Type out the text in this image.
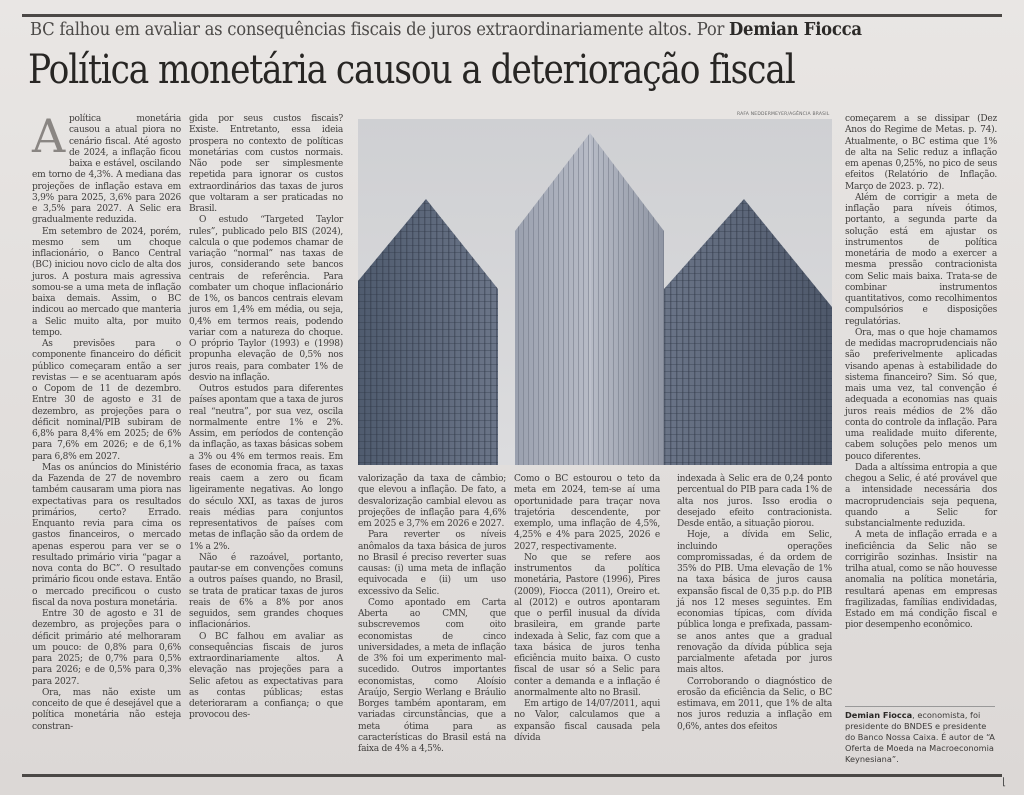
BC falhou em avaliar as consequências fiscais de juros extraordinariamente altos. Por Demian Fiocca
Política monetária causou a deterioração fiscal
A política monetária causou a atual piora no cenário fiscal. Até agosto de 2024, a inflação ficou baixa e estável, oscilando em torno de 4,3%. A mediana das projeções de inflação estava em 3,9% para 2025, 3,6% para 2026 e 3,5% para 2027. A Selic era gradualmente reduzida.

Em setembro de 2024, porém, mesmo sem um choque inflacionário, o Banco Central (BC) iniciou novo ciclo de alta dos juros. A postura mais agressiva somou-se a uma meta de inflação baixa demais. Assim, o BC indicou ao mercado que manteria a Selic muito alta, por muito tempo.

As previsões para o componente financeiro do déficit público começaram então a ser revistas — e se acentuaram após o Copom de 11 de dezembro. Entre 30 de agosto e 31 de dezembro, as projeções para o déficit nominal/PIB subiram de 6,8% para 8,4% em 2025; de 6% para 7,6% em 2026; e de 6,1% para 6,8% em 2027.

Mas os anúncios do Ministério da Fazenda de 27 de novembro também causaram uma piora nas expectativas para os resultados primários, certo? Errado. Enquanto revia para cima os gastos financeiros, o mercado apenas esperou para ver se o resultado primário viria “pagar a nova conta do BC”. O resultado primário ficou onde estava. Então o mercado precificou o custo fiscal da nova postura monetária.

Entre 30 de agosto e 31 de dezembro, as projeções para o déficit primário até melhoraram um pouco: de 0,8% para 0,6% para 2025; de 0,7% para 0,5% para 2026; e de 0,5% para 0,3% para 2027.

Ora, mas não existe um conceito de que é desejável que a política monetária não esteja constran-

gida por seus custos fiscais? Existe. Entretanto, essa ideia prospera no contexto de políticas monetárias com custos normais. Não pode ser simplesmente repetida para ignorar os custos extraordinários das taxas de juros que voltaram a ser praticadas no Brasil.

O estudo “Targeted Taylor rules”, publicado pelo BIS (2024), calcula o que podemos chamar de variação “normal” nas taxas de juros, considerando sete bancos centrais de referência. Para combater um choque inflacionário de 1%, os bancos centrais elevam juros em 1,4% em média, ou seja, 0,4% em termos reais, podendo variar com a natureza do choque. O próprio Taylor (1993) e (1998) propunha elevação de 0,5% nos juros reais, para combater 1% de desvio na inflação.

Outros estudos para diferentes países apontam que a taxa de juros real “neutra”, por sua vez, oscila normalmente entre 1% e 2%. Assim, em períodos de contenção da inflação, as taxas básicas sobem a 3% ou 4% em termos reais. Em fases de economia fraca, as taxas reais caem a zero ou ficam ligeiramente negativas. Ao longo do século XXI, as taxas de juros reais médias para conjuntos representativos de países com metas de inflação são da ordem de 1% a 2%.

Não é razoável, portanto, pautar-se em convenções comuns a outros países quando, no Brasil, se trata de praticar taxas de juros reais de 6% a 8% por anos seguidos, sem grandes choques inflacionários.

O BC falhou em avaliar as consequências fiscais de juros extraordinariamente altos. A elevação nas projeções para a Selic afetou as expectativas para as contas públicas; estas deterioraram a confiança; o que provocou des-

RAFA NEDDERMEYER/AGÊNCIA BRASIL

valorização da taxa de câmbio; que elevou a inflação. De fato, a desvalorização cambial elevou as projeções de inflação para 4,6% em 2025 e 3,7% em 2026 e 2027.

Para reverter os níveis anômalos da taxa básica de juros no Brasil é preciso reverter suas causas: (i) uma meta de inflação equivocada e (ii) um uso excessivo da Selic.

Como apontado em Carta Aberta ao CMN, que subscrevemos com oito economistas de cinco universidades, a meta de inflação de 3% foi um experimento mal-sucedido. Outros importantes economistas, como Aloísio Araújo, Sergio Werlang e Bráulio Borges também apontaram, em variadas circunstâncias, que a meta ótima para as características do Brasil está na faixa de 4% a 4,5%.

Como o BC estourou o teto da meta em 2024, tem-se aí uma oportunidade para traçar nova trajetória descendente, por exemplo, uma inflação de 4,5%, 4,25% e 4% para 2025, 2026 e 2027, respectivamente.

No que se refere aos instrumentos da política monetária, Pastore (1996), Pires (2009), Fiocca (2011), Oreiro et. al (2012) e outros apontaram que o perfil inusual da dívida brasileira, em grande parte indexada à Selic, faz com que a taxa básica de juros tenha eficiência muito baixa. O custo fiscal de usar só a Selic para conter a demanda e a inflação é anormalmente alto no Brasil.

Em artigo de 14/07/2011, aqui no Valor, calculamos que a expansão fiscal causada pela dívida

indexada à Selic era de 0,24 ponto percentual do PIB para cada 1% de alta nos juros. Isso erodia o desejado efeito contracionista. Desde então, a situação piorou.

Hoje, a dívida em Selic, incluindo operações compromissadas, é da ordem de 35% do PIB. Uma elevação de 1% na taxa básica de juros causa expansão fiscal de 0,35 p.p. do PIB já nos 12 meses seguintes. Em economias típicas, com dívida pública longa e prefixada, passam-se anos antes que a gradual renovação da dívida pública seja parcialmente afetada por juros mais altos.

Corroborando o diagnóstico de erosão da eficiência da Selic, o BC estimava, em 2011, que 1% de alta nos juros reduzia a inflação em 0,6%, antes dos efeitos

começarem a se dissipar (Dez Anos do Regime de Metas. p. 74). Atualmente, o BC estima que 1% de alta na Selic reduz a inflação em apenas 0,25%, no pico de seus efeitos (Relatório de Inflação. Março de 2023. p. 72).

Além de corrigir a meta de inflação para níveis ótimos, portanto, a segunda parte da solução está em ajustar os instrumentos de política monetária de modo a exercer a mesma pressão contracionista com Selic mais baixa. Trata-se de combinar instrumentos quantitativos, como recolhimentos compulsórios e disposições regulatórias.

Ora, mas o que hoje chamamos de medidas macroprudenciais não são preferivelmente aplicadas visando apenas à estabilidade do sistema financeiro? Sim. Só que, mais uma vez, tal convenção é adequada a economias nas quais juros reais médios de 2% dão conta do controle da inflação. Para uma realidade muito diferente, cabem soluções pelo menos um pouco diferentes.

Dada a altíssima entropia a que chegou a Selic, é até provável que a intensidade necessária dos macroprudenciais seja pequena, quando a Selic for substancialmente reduzida.

A meta de inflação errada e a ineficiência da Selic não se corrigirão sozinhas. Insistir na trilha atual, como se não houvesse anomalia na política monetária, resultará apenas em empresas fragilizadas, famílias endividadas, Estado em má condição fiscal e pior desempenho econômico.

Demian Fiocca, economista, foi presidente do BNDES e presidente do Banco Nossa Caixa. É autor de “A Oferta de Moeda na Macroeconomia Keynesiana”.
⌊
